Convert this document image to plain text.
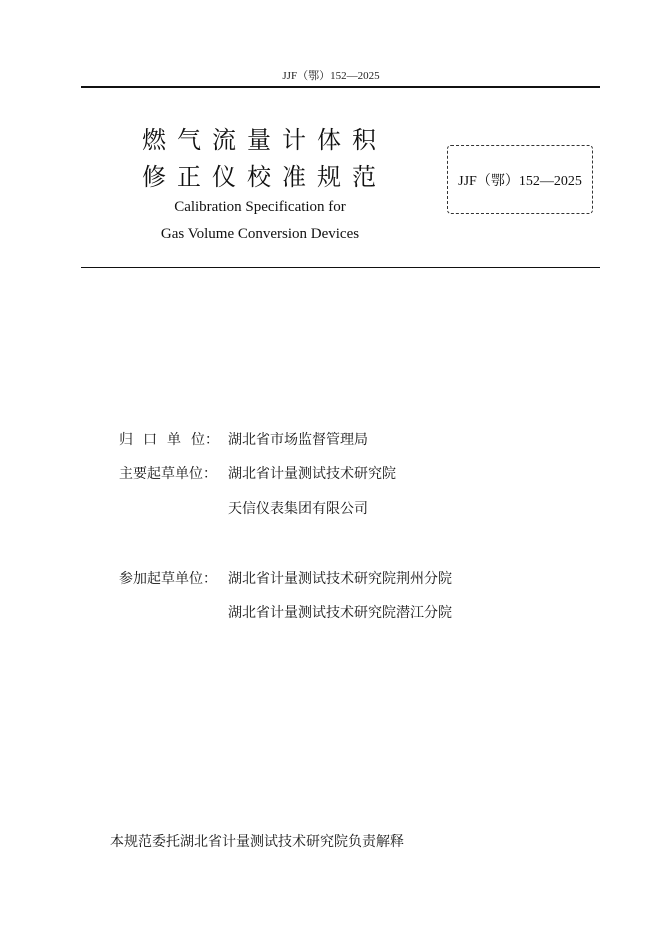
JJF（鄂）152—2025
燃气流量计体积
修正仪校准规范
Calibration Specification for
Gas Volume Conversion Devices
JJF（鄂）152—2025
归口单位： 湖北省市场监督管理局
主要起草单位： 湖北省计量测试技术研究院
天信仪表集团有限公司
参加起草单位： 湖北省计量测试技术研究院荆州分院
湖北省计量测试技术研究院潜江分院
本规范委托湖北省计量测试技术研究院负责解释
